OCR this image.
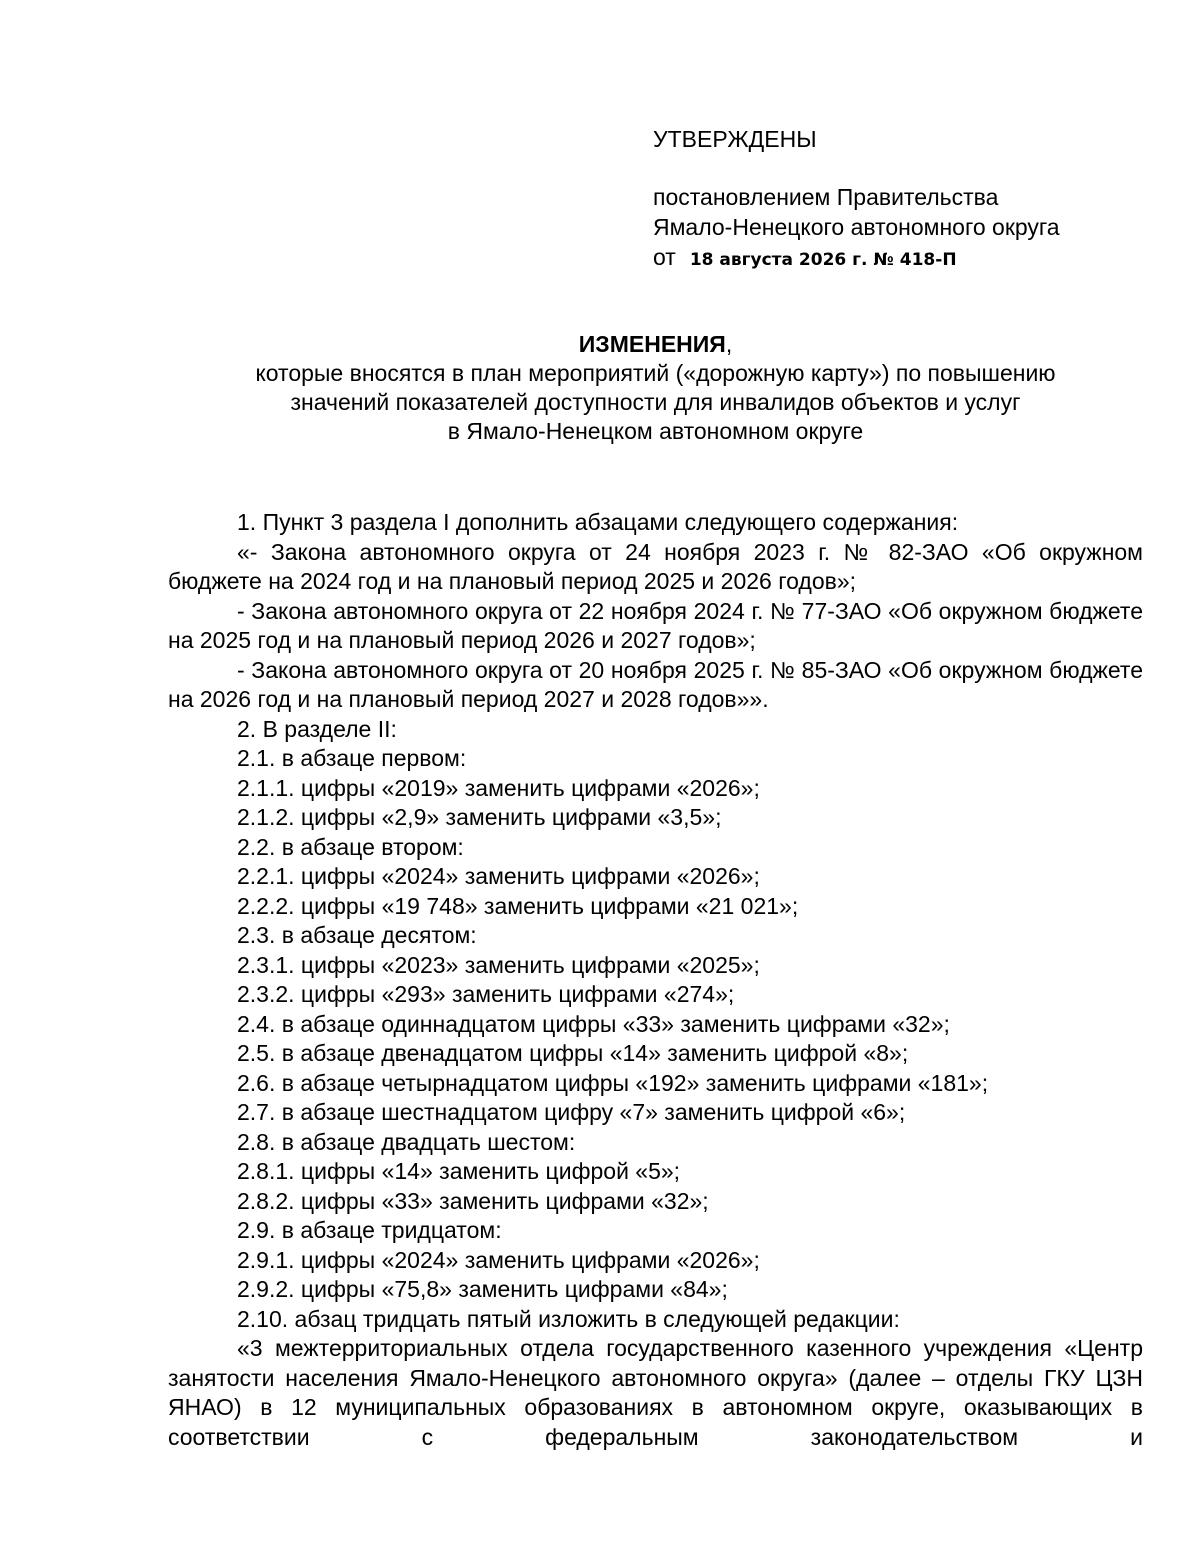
УТВЕРЖДЕНЫ
постановлением Правительства
Ямало-Ненецкого автономного округа
от 18 августа 2026 г. № 418-П
ИЗМЕНЕНИЯ,
которые вносятся в план мероприятий («дорожную карту») по повышению
значений показателей доступности для инвалидов объектов и услуг
в Ямало-Ненецком автономном округе

1. Пункт 3 раздела I дополнить абзацами следующего содержания:

«- Закона автономного округа от 24 ноября 2023 г. № 82-ЗАО «Об окружном бюджете на 2024 год и на плановый период 2025 и 2026 годов»;

- Закона автономного округа от 22 ноября 2024 г. № 77-ЗАО «Об окружном бюджете на 2025 год и на плановый период 2026 и 2027 годов»;

- Закона автономного округа от 20 ноября 2025 г. № 85-ЗАО «Об окружном бюджете на 2026 год и на плановый период 2027 и 2028 годов»».

2. В разделе II:

2.1. в абзаце первом:

2.1.1. цифры «2019» заменить цифрами «2026»;

2.1.2. цифры «2,9» заменить цифрами «3,5»;

2.2. в абзаце втором:

2.2.1. цифры «2024» заменить цифрами «2026»;

2.2.2. цифры «19 748» заменить цифрами «21 021»;

2.3. в абзаце десятом:

2.3.1. цифры «2023» заменить цифрами «2025»;

2.3.2. цифры «293» заменить цифрами «274»;

2.4. в абзаце одиннадцатом цифры «33» заменить цифрами «32»;

2.5. в абзаце двенадцатом цифры «14» заменить цифрой «8»;

2.6. в абзаце четырнадцатом цифры «192» заменить цифрами «181»;

2.7. в абзаце шестнадцатом цифру «7» заменить цифрой «6»;

2.8. в абзаце двадцать шестом:

2.8.1. цифры «14» заменить цифрой «5»;

2.8.2. цифры «33» заменить цифрами «32»;

2.9. в абзаце тридцатом:

2.9.1. цифры «2024» заменить цифрами «2026»;

2.9.2. цифры «75,8» заменить цифрами «84»;

2.10. абзац тридцать пятый изложить в следующей редакции:

«3 межтерриториальных отдела государственного казенного учреждения «Центр занятости населения Ямало-Ненецкого автономного округа» (далее – отделы ГКУ ЦЗН ЯНАО) в 12 муниципальных образованиях в автономном округе, оказывающих в соответствии с федеральным законодательством и
